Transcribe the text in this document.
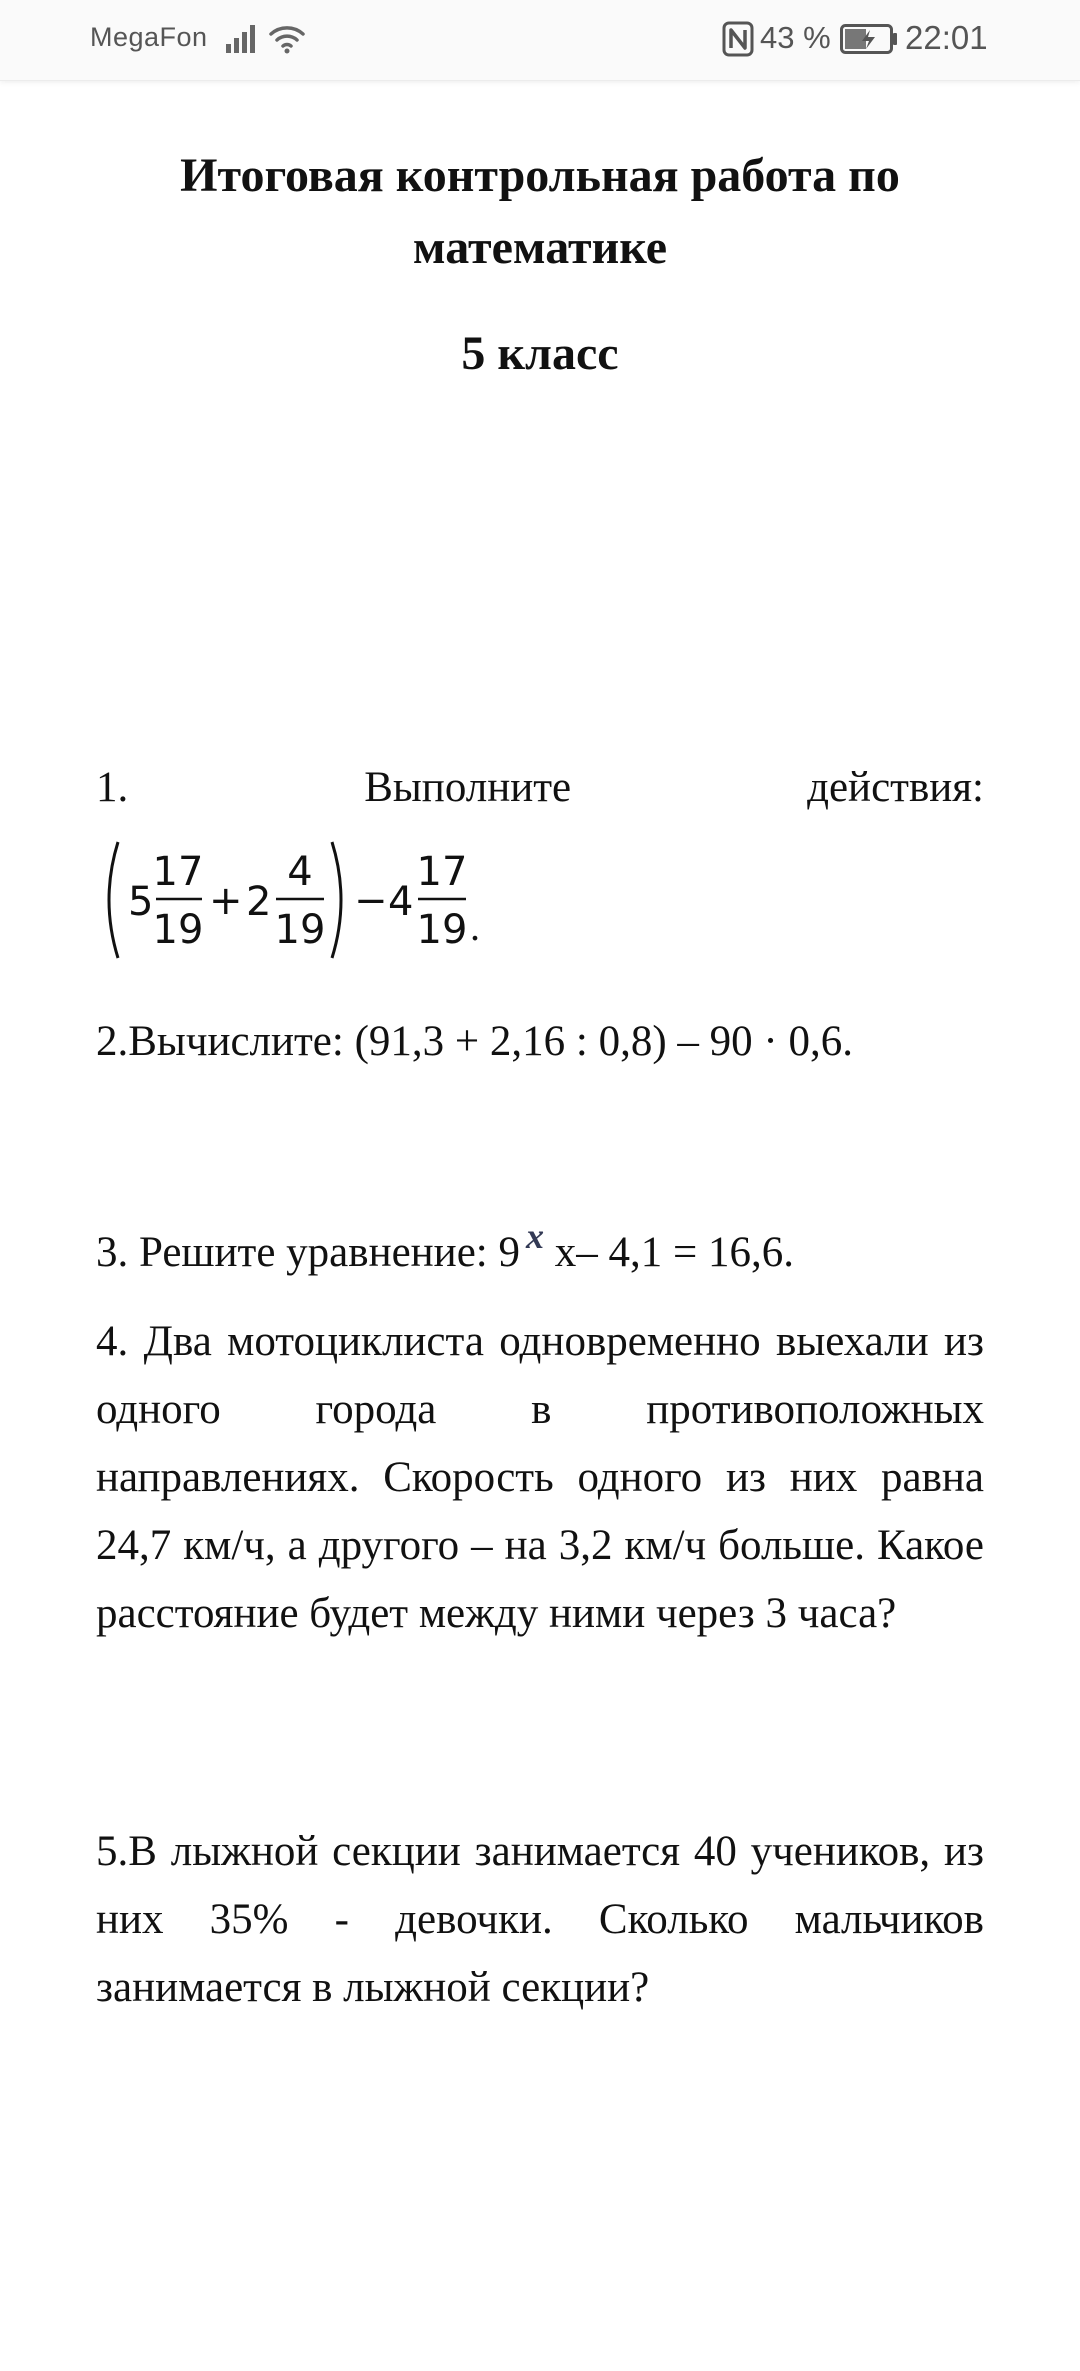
MegaFon	43 % 22:01
Итоговая контрольная работа по
математике
5 класс
1.	Выполните	действия:
5
17
19
+ 2
4
19
− 4
17
19 .

2.Вычислите: (91,3 + 2,16 : 0,8) – 90 · 0,6.

3. Решите уравнение: 9 x x– 4,1 = 16,6.

4. Два мотоциклиста одновременно выехали из одного города в противоположных направлениях. Скорость одного из них равна 24,7 км/ч, а другого – на 3,2 км/ч больше. Какое расстояние будет между ними через 3 часа?

5.В лыжной секции занимается 40 учеников, из них 35% - девочки. Сколько мальчиков занимается в лыжной секции?
